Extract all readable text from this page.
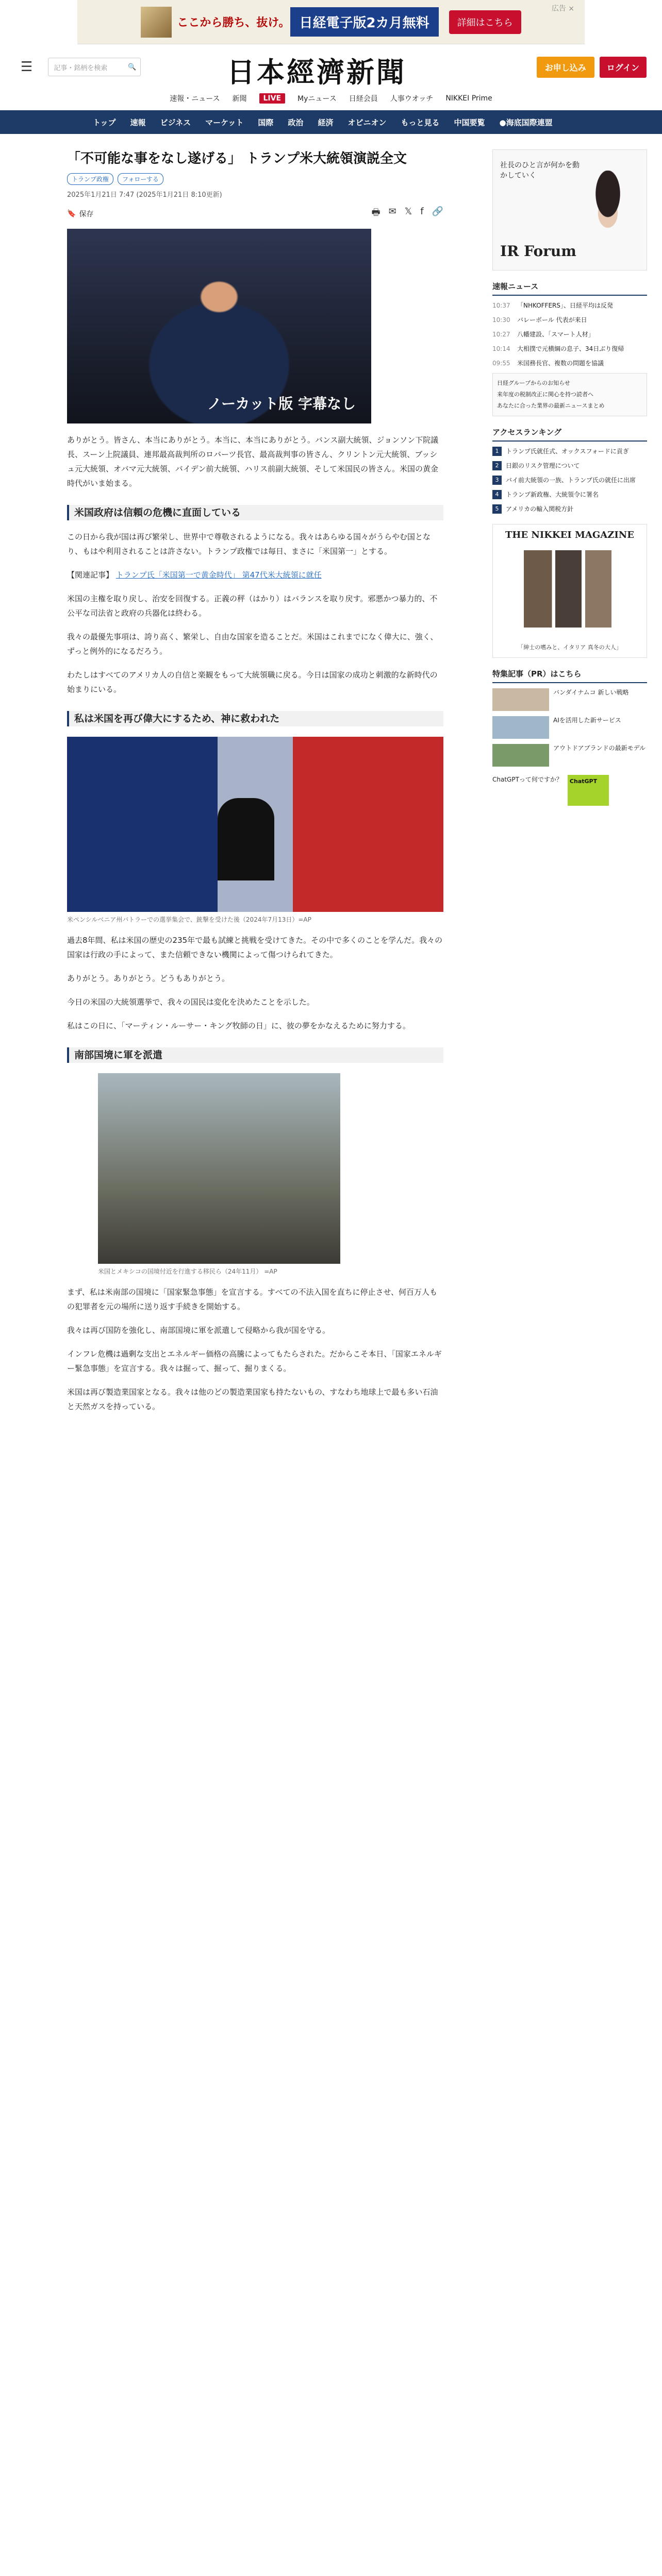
ここから勝ち、抜け。 日経電子版2カ月無料	詳細はこちら
広告 ×
☰	記事・銘柄を検索	🔍	日本經濟新聞	お申し込み	ログイン
速報・ニュース 新聞	LIVE	Myニュース 日経会員 人事ウオッチ NIKKEI Prime
トップ 速報 ビジネス マーケット 国際 政治 経済 オピニオン もっと見る 中国要覧 ●海底国際連盟
「不可能な事をなし遂げる」 トランプ米大統領演説全文
トランプ政権	フォローする
2025年1月21日 7:47 (2025年1月21日 8:10更新)
🔖 保存	🖶 ✉ 𝕏 f 🔗
ノーカット版 字幕なし

ありがとう。皆さん、本当にありがとう。本当に、本当にありがとう。バンス副大統領、ジョンソン下院議長、スーン上院議員、連邦最高裁判所のロバーツ長官、最高裁判事の皆さん、クリントン元大統領、ブッシュ元大統領、オバマ元大統領、バイデン前大統領、ハリス前副大統領、そして米国民の皆さん。米国の黄金時代がいま始まる。

米国政府は信頼の危機に直面している

この日から我が国は再び繁栄し、世界中で尊敬されるようになる。我々はあらゆる国々がうらやむ国となり、もはや利用されることは許さない。トランプ政権では毎日、まさに「米国第一」とする。

【関連記事】 トランプ氏「米国第一で黄金時代」 第47代米大統領に就任

米国の主権を取り戻し、治安を回復する。正義の秤（はかり）はバランスを取り戻す。邪悪かつ暴力的、不公平な司法省と政府の兵器化は終わる。

我々の最優先事項は、誇り高く、繁栄し、自由な国家を造ることだ。米国はこれまでになく偉大に、強く、ずっと例外的になるだろう。

わたしはすべてのアメリカ人の自信と楽観をもって大統領職に戻る。今日は国家の成功と刺激的な新時代の始まりにいる。

私は米国を再び偉大にするため、神に救われた
米ペンシルベニア州バトラーでの選挙集会で、銃撃を受けた後（2024年7月13日）=AP

過去8年間、私は米国の歴史の235年で最も試練と挑戦を受けてきた。その中で多くのことを学んだ。我々の国家は行政の手によって、また信頼できない機関によって傷つけられてきた。

ありがとう。ありがとう。どうもありがとう。

今日の米国の大統領選挙で、我々の国民は変化を決めたことを示した。

私はこの日に、「マーティン・ルーサー・キング牧師の日」に、彼の夢をかなえるために努力する。

南部国境に軍を派遣
米国とメキシコの国境付近を行進する移民ら（24年11月） =AP

まず、私は米南部の国境に「国家緊急事態」を宣言する。すべての不法入国を直ちに停止させ、何百万人もの犯罪者を元の場所に送り返す手続きを開始する。

我々は再び国防を強化し、南部国境に軍を派遣して侵略から我が国を守る。

インフレ危機は過剰な支出とエネルギー価格の高騰によってもたらされた。だからこそ本日、「国家エネルギー緊急事態」を宣言する。我々は掘って、掘って、掘りまくる。

米国は再び製造業国家となる。我々は他のどの製造業国家も持たないもの、すなわち地球上で最も多い石油と天然ガスを持っている。

社長のひと言が何かを動かしていく
IR Forum
速報ニュース
10:37	「NHKOFFERS」、日経平均は反発
10:30	バレーボール 代表が来日
10:27	八幡建設、「スマート人材」
10:14	大相撲で元横綱の息子、34日ぶり復帰
09:55	米国務長官、複数の問題を協議
日経グループからのお知らせ
来年度の税制改正に関心を持つ読者へ
あなたに合った業界の最新ニュースまとめ
アクセスランキング
1	トランプ氏就任式、オックスフォードに貢ぎ
2	日銀のリスク管理について
3	バイ前大統領の一族、トランプ氏の就任に出席
4	トランプ新政権、大統領令に署名
5	アメリカの輸入関税方針
THE NIKKEI MAGAZINE
「紳士の嗜みと、イタリア 真冬の大人」
特集記事（PR）はこちら
バンダイナムコ 新しい戦略
AIを活用した新サービス
アウトドアブランドの最新モデル
ChatGPTって何ですか？	ChatGPT
